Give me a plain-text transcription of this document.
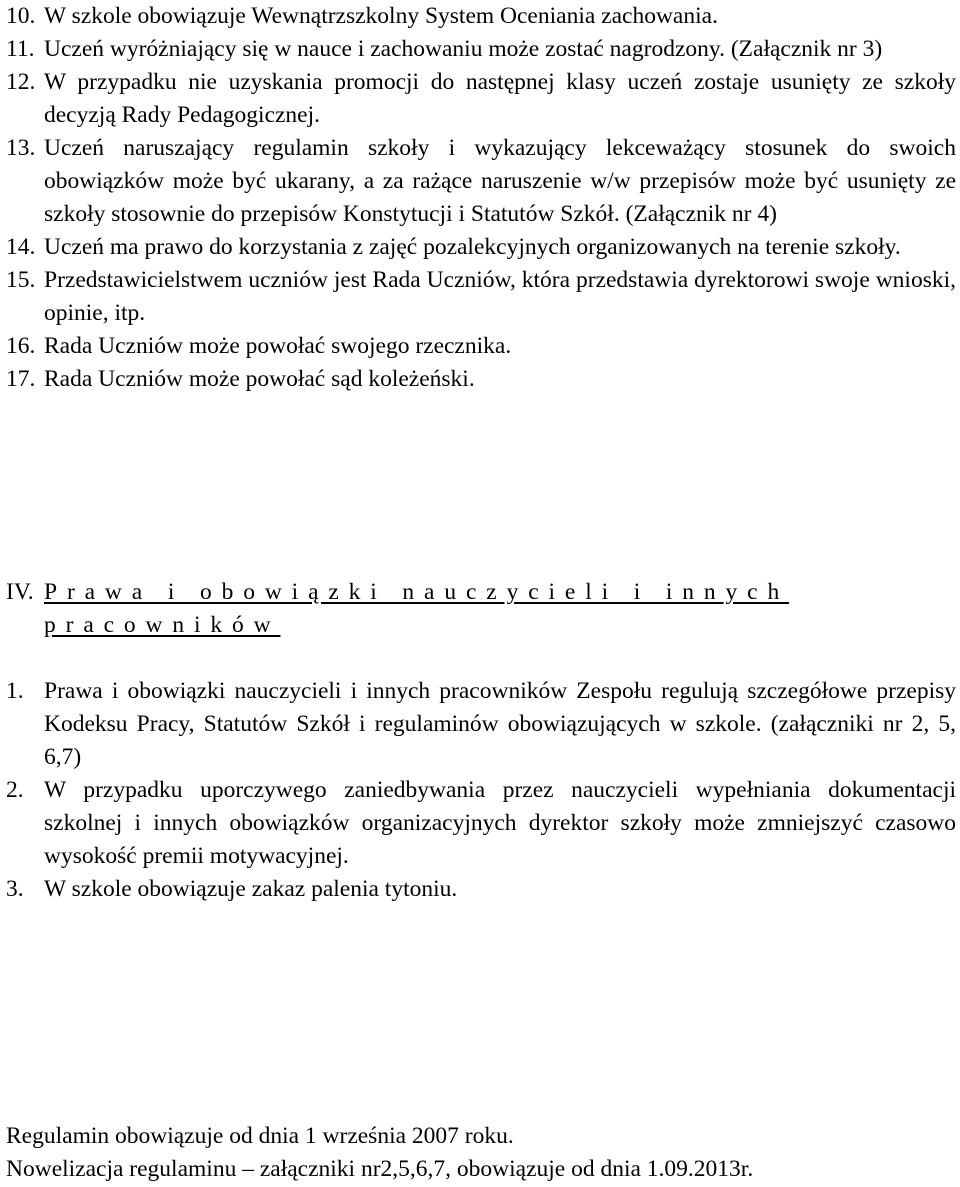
10. W szkole obowiązuje Wewnątrzszkolny System Oceniania zachowania.
11. Uczeń wyróżniający się w nauce i zachowaniu może zostać nagrodzony. (Załącznik nr 3)
12. W przypadku nie uzyskania promocji do następnej klasy uczeń zostaje usunięty ze szkoły decyzją Rady Pedagogicznej.
13. Uczeń naruszający regulamin szkoły i wykazujący lekceważący stosunek do swoich obowiązków może być ukarany, a za rażące naruszenie w/w przepisów może być usunięty ze szkoły stosownie do przepisów Konstytucji i Statutów Szkół. (Załącznik nr 4)
14. Uczeń ma prawo do korzystania z zajęć pozalekcyjnych organizowanych na terenie szkoły.
15. Przedstawicielstwem uczniów jest Rada Uczniów, która przedstawia dyrektorowi swoje wnioski, opinie, itp.
16. Rada Uczniów może powołać swojego rzecznika.
17. Rada Uczniów może powołać sąd koleżeński.
IV. Prawa i obowiązki nauczycieli i innych
pracowników
1. Prawa i obowiązki nauczycieli i innych pracowników Zespołu regulują szczegółowe przepisy Kodeksu Pracy, Statutów Szkół i regulaminów obowiązujących w szkole. (załączniki nr 2, 5, 6,7)
2. W przypadku uporczywego zaniedbywania przez nauczycieli wypełniania dokumentacji szkolnej i innych obowiązków organizacyjnych dyrektor szkoły może zmniejszyć czasowo wysokość premii motywacyjnej.
3. W szkole obowiązuje zakaz palenia tytoniu.
Regulamin obowiązuje od dnia 1 września 2007 roku.
Nowelizacja regulaminu – załączniki nr2,5,6,7, obowiązuje od dnia 1.09.2013r.
